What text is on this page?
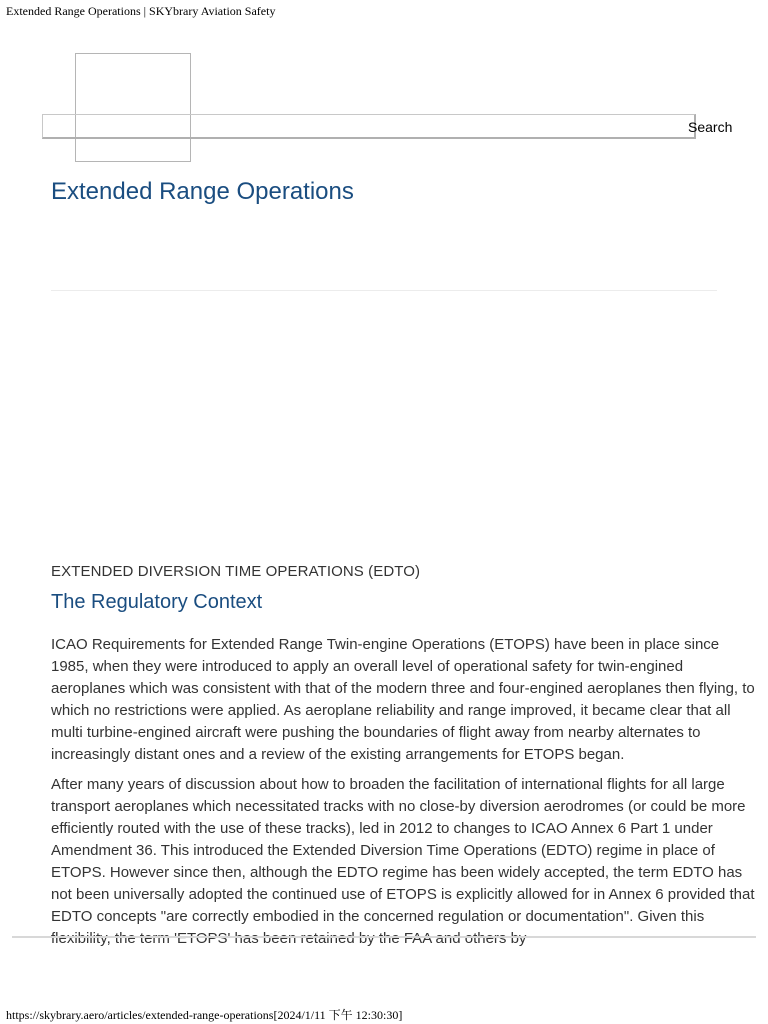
Extended Range Operations | SKYbrary Aviation Safety
Search
Extended Range Operations
EXTENDED DIVERSION TIME OPERATIONS (EDTO)
The Regulatory Context

ICAO Requirements for Extended Range Twin-engine Operations (ETOPS) have been in place since 1985, when they were introduced to apply an overall level of operational safety for twin-engined aeroplanes which was consistent with that of the modern three and four-engined aeroplanes then flying, to which no restrictions were applied. As aeroplane reliability and range improved, it became clear that all multi turbine-engined aircraft were pushing the boundaries of flight away from nearby alternates to increasingly distant ones and a review of the existing arrangements for ETOPS began.

After many years of discussion about how to broaden the facilitation of international flights for all large transport aeroplanes which necessitated tracks with no close-by diversion aerodromes (or could be more efficiently routed with the use of these tracks), led in 2012 to changes to ICAO Annex 6 Part 1 under Amendment 36. This introduced the Extended Diversion Time Operations (EDTO) regime in place of ETOPS. However since then, although the EDTO regime has been widely accepted, the term EDTO has not been universally adopted the continued use of ETOPS is explicitly allowed for in Annex 6 provided that EDTO concepts "are correctly embodied in the concerned regulation or documentation". Given this flexibility, the term 'ETOPS' has been retained by the FAA and others by

https://skybrary.aero/articles/extended-range-operations[2024/1/11 下午 12:30:30]
